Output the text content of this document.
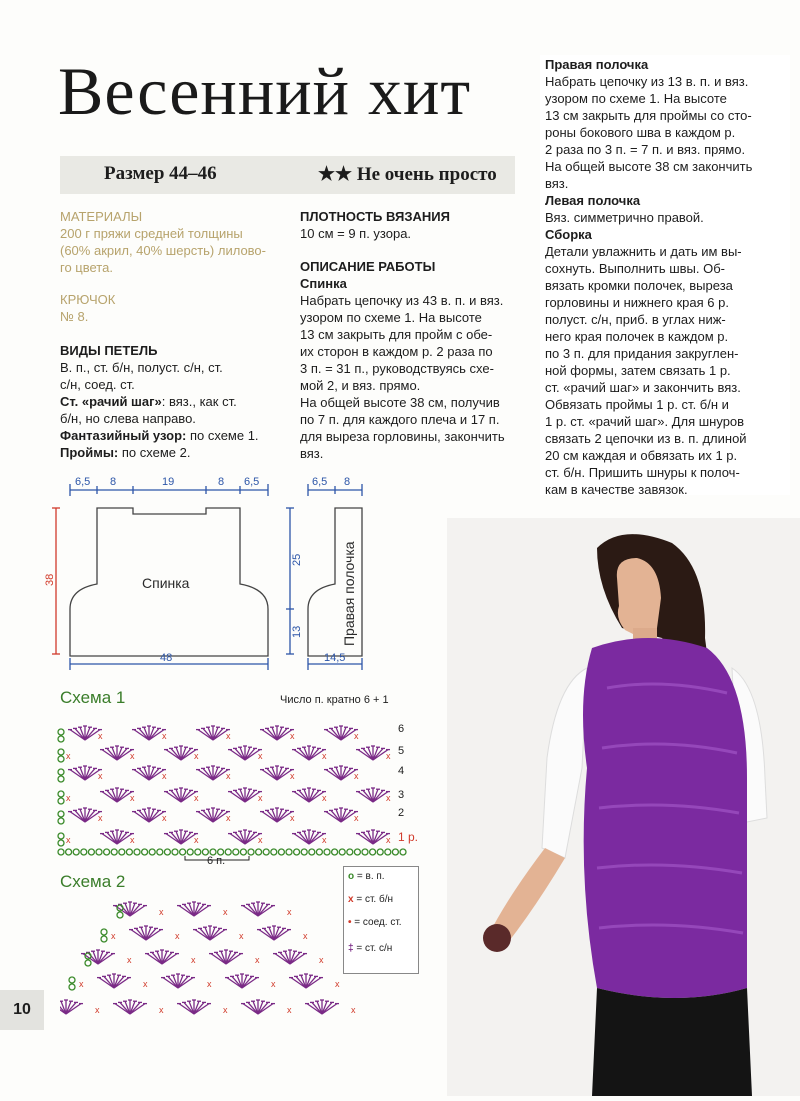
Весенний хит
Размер 44–46	★★ Не очень просто
МАТЕРИАЛЫ
200 г пряжи средней толщины
(60% акрил, 40% шерсть) лилово-
го цвета.
КРЮЧОК
№ 8.
ВИДЫ ПЕТЕЛЬ
В. п., ст. б/н, полуст. с/н, ст.
с/н, соед. ст.
Ст. «рачий шаг»: вяз., как ст.
б/н, но слева направо.
Фантазийный узор: по схеме 1.
Проймы: по схеме 2.
ПЛОТНОСТЬ ВЯЗАНИЯ
10 см = 9 п. узора.
ОПИСАНИЕ РАБОТЫ
Спинка
Набрать цепочку из 43 в. п. и вяз.
узором по схеме 1. На высоте
13 см закрыть для пройм с обе-
их сторон в каждом р. 2 раза по
3 п. = 31 п., руководствуясь схе-
мой 2, и вяз. прямо.
На общей высоте 38 см, получив
по 7 п. для каждого плеча и 17 п.
для выреза горловины, закончить
вяз.
Правая полочка
Набрать цепочку из 13 в. п. и вяз.
узором по схеме 1. На высоте
13 см закрыть для проймы со сто-
роны бокового шва в каждом р.
2 раза по 3 п. = 7 п. и вяз. прямо.
На общей высоте 38 см закончить
вяз.
Левая полочка
Вяз. симметрично правой.
Сборка
Детали увлажнить и дать им вы-
сохнуть. Выполнить швы. Об-
вязать кромки полочек, выреза
горловины и нижнего края 6 р.
полуст. с/н, приб. в углах ниж-
него края полочек в каждом р.
по 3 п. для придания закруглен-
ной формы, затем связать 1 р.
ст. «рачий шаг» и закончить вяз.
Обвязать проймы 1 р. ст. б/н и
1 р. ст. «рачий шаг». Для шнуров
связать 2 цепочки из в. п. длиной
20 см каждая и обвязать их 1 р.
ст. б/н. Пришить шнуры к полоч-
кам в качестве завязок.
6,5 8	19	8 6,5
38
48
Спинка
6,5 8
25
13
14,5
Правая полочка
Схема 1	Число п. кратно 6 + 1
x	x	x	x	x
x	x	x	x	x	x
x	x	x	x	x
x	x	x	x	x	x
x	x	x	x	x
x	x	x	x	x	x
6
5
4
3
2
1 р.
6 п.
Схема 2
x	x	x
x	x	x	x
x	x	x	x
x	x	x	x	x
x	x	x	x	x
o = в. п.
x = ст. б/н
• = соед. ст.
‡ = ст. с/н
10
